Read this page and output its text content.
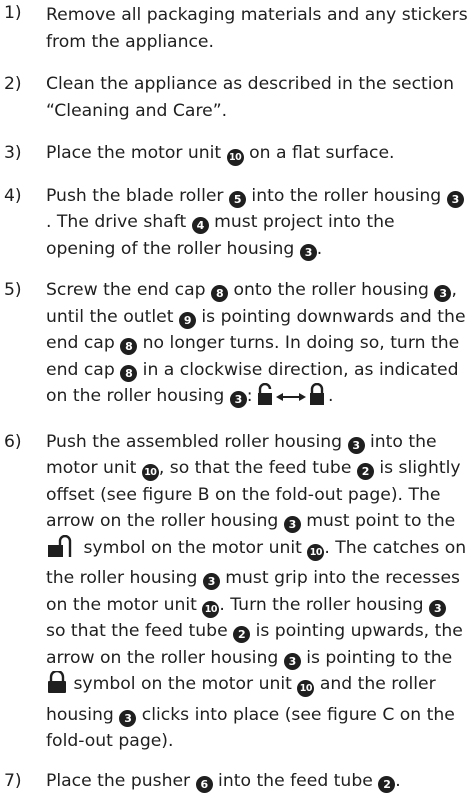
1) Remove all packaging materials and any stickers from the appliance.
2) Clean the appliance as described in the section “Cleaning and Care”.
3) Place the motor unit 10 on a flat surface.
4) Push the blade roller 5 into the roller housing 3. The drive shaft 4 must project into the opening of the roller housing 3 .
5) Screw the end cap 8 onto the roller housing 3 , until the outlet 9 is pointing downwards and the end cap 8 no longer turns. In doing so, turn the end cap 8 in a clockwise direction, as indicated on the roller housing 3 :	.
6) Push the assembled roller housing 3 into the motor unit 10 , so that the feed tube 2 is slightly offset (see figure B on the fold-out page). The arrow on the roller housing 3 must point to the  symbol on the motor unit 10 . The catches on the roller housing 3 must grip into the recesses on the motor unit 10 . Turn the roller housing 3 so that the feed tube 2 is pointing upwards, the arrow on the roller housing 3 is pointing to the  symbol on the motor unit 10 and the roller housing 3 clicks into place (see figure C on the fold-out page).
7) Place the pusher 6 into the feed tube 2 .
